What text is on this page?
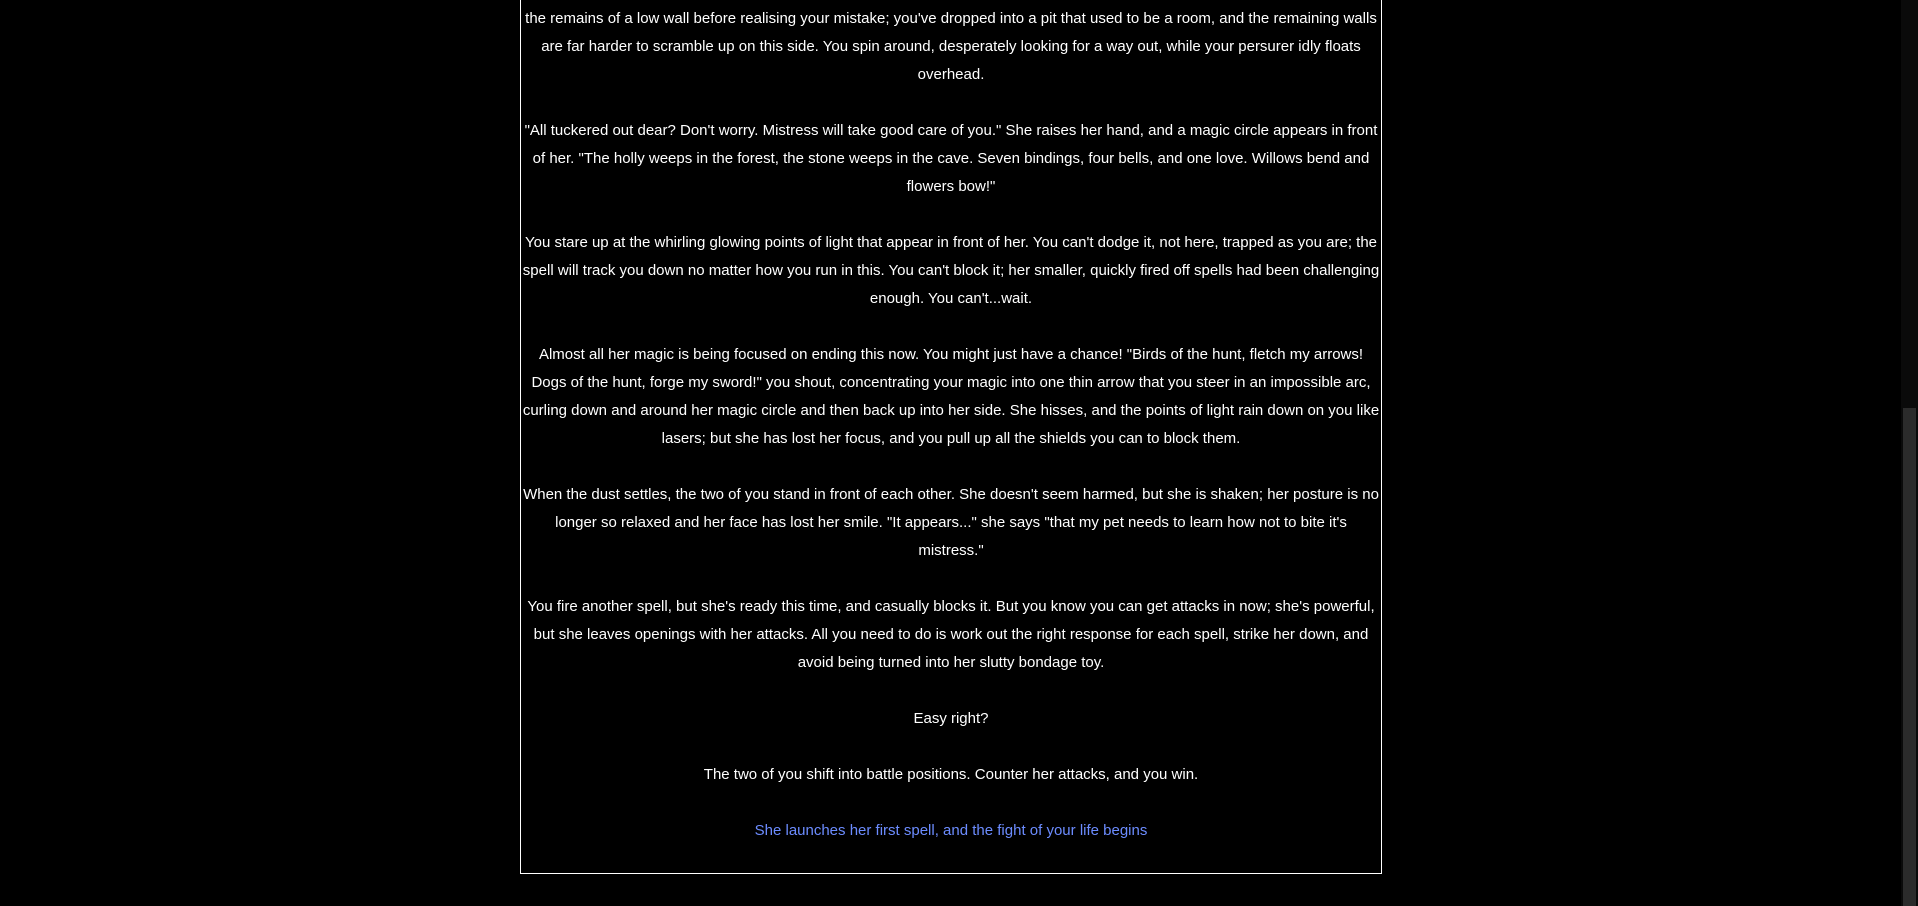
the remains of a low wall before realising your mistake; you've dropped into a pit that used to be a room, and the remaining walls are far harder to scramble up on this side. You spin around, desperately looking for a way out, while your persurer idly floats overhead.

"All tuckered out dear? Don't worry. Mistress will take good care of you." She raises her hand, and a magic circle appears in front of her. "The holly weeps in the forest, the stone weeps in the cave. Seven bindings, four bells, and one love. Willows bend and flowers bow!"

You stare up at the whirling glowing points of light that appear in front of her. You can't dodge it, not here, trapped as you are; the spell will track you down no matter how you run in this. You can't block it; her smaller, quickly fired off spells had been challenging enough. You can't...wait.

Almost all her magic is being focused on ending this now. You might just have a chance! "Birds of the hunt, fletch my arrows! Dogs of the hunt, forge my sword!" you shout, concentrating your magic into one thin arrow that you steer in an impossible arc, curling down and around her magic circle and then back up into her side. She hisses, and the points of light rain down on you like lasers; but she has lost her focus, and you pull up all the shields you can to block them.

When the dust settles, the two of you stand in front of each other. She doesn't seem harmed, but she is shaken; her posture is no longer so relaxed and her face has lost her smile. "It appears..." she says "that my pet needs to learn how not to bite it's mistress."

You fire another spell, but she's ready this time, and casually blocks it. But you know you can get attacks in now; she's powerful, but she leaves openings with her attacks. All you need to do is work out the right response for each spell, strike her down, and avoid being turned into her slutty bondage toy.

Easy right?

The two of you shift into battle positions. Counter her attacks, and you win.

She launches her first spell, and the fight of your life begins
